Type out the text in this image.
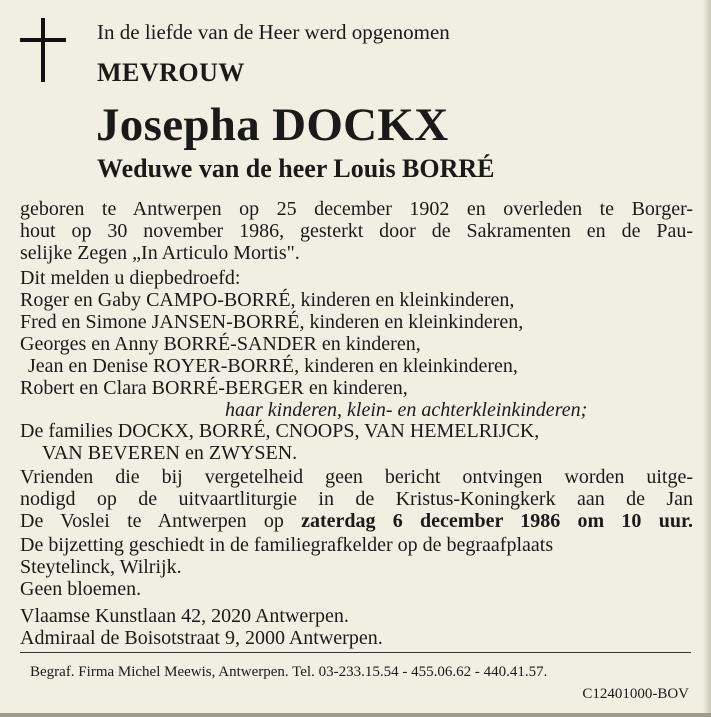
In de liefde van de Heer werd opgenomen
MEVROUW
Josepha DOCKX
Weduwe van de heer Louis BORRÉ
geboren te Antwerpen op 25 december 1902 en overleden te Borger-
hout op 30 november 1986, gesterkt door de Sakramenten en de Pau-
selijke Zegen „In Articulo Mortis".
Dit melden u diepbedroefd:
Roger en Gaby CAMPO-BORRÉ, kinderen en kleinkinderen,
Fred en Simone JANSEN-BORRÉ, kinderen en kleinkinderen,
Georges en Anny BORRÉ-SANDER en kinderen,
Jean en Denise ROYER-BORRÉ, kinderen en kleinkinderen,
Robert en Clara BORRÉ-BERGER en kinderen,
haar kinderen, klein- en achterkleinkinderen;
De families DOCKX, BORRÉ, CNOOPS, VAN HEMELRIJCK,
VAN BEVEREN en ZWYSEN.
Vrienden die bij vergetelheid geen bericht ontvingen worden uitge-
nodigd op de uitvaartliturgie in de Kristus-Koningkerk aan de Jan
De Voslei te Antwerpen op zaterdag 6 december 1986 om 10 uur.
De bijzetting geschiedt in de familiegrafkelder op de begraafplaats
Steytelinck, Wilrijk.
Geen bloemen.
Vlaamse Kunstlaan 42, 2020 Antwerpen.
Admiraal de Boisotstraat 9, 2000 Antwerpen.
Begraf. Firma Michel Meewis, Antwerpen. Tel. 03-233.15.54 - 455.06.62 - 440.41.57.
C12401000-BOV
